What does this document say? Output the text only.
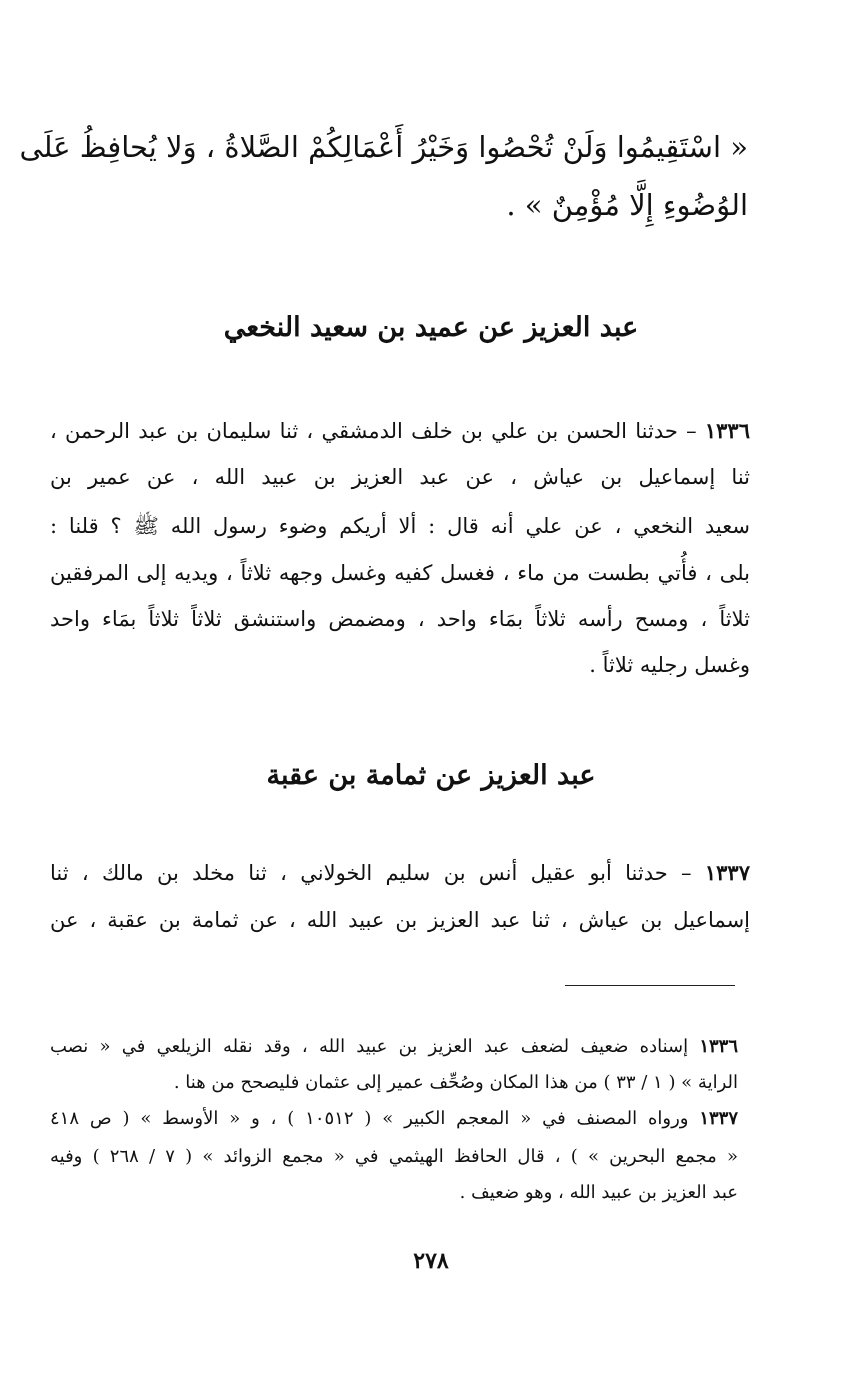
« اسْتَقِيمُوا وَلَنْ تُحْصُوا وَخَيْرُ أَعْمَالِكُمْ الصَّلاةُ ، وَلا يُحافِظُ عَلَى
الوُضُوءِ إِلَّا مُؤْمِنٌ » .
عبد العزيز عن عميد بن سعيد النخعي
١٣٣٦ – حدثنا الحسن بن علي بن خلف الدمشقي ، ثنا سليمان بن عبد الرحمن ،
ثنا إسماعيل بن عياش ، عن عبد العزيز بن عبيد الله ، عن عمير بن
سعيد النخعي ، عن علي أنه قال : ألا أريكم وضوء رسول الله ﷺ ؟ قلنا :
بلى ، فأُتي بطست من ماء ، فغسل كفيه وغسل وجهه ثلاثاً ، ويديه إلى المرفقين
ثلاثاً ، ومسح رأسه ثلاثاً بمَاء واحد ، ومضمض واستنشق ثلاثاً ثلاثاً بمَاء واحد
وغسل رجليه ثلاثاً .
عبد العزيز عن ثمامة بن عقبة
١٣٣٧ – حدثنا أبو عقيل أنس بن سليم الخولاني ، ثنا مخلد بن مالك ، ثنا
إسماعيل بن عياش ، ثنا عبد العزيز بن عبيد الله ، عن ثمامة بن عقبة ، عن
١٣٣٦ إسناده ضعيف لضعف عبد العزيز بن عبيد الله ، وقد نقله الزيلعي في « نصب
الراية » ( ١ / ٣٣ ) من هذا المكان وصُحِّف عمير إلى عثمان فليصحح من هنا .
١٣٣٧ ورواه المصنف في « المعجم الكبير » ( ١٠٥١٢ ) ، و « الأوسط » ( ص ٤١٨
« مجمع البحرين » ) ، قال الحافظ الهيثمي في « مجمع الزوائد » ( ٧ / ٢٦٨ ) وفيه
عبد العزيز بن عبيد الله ، وهو ضعيف .
٢٧٨
